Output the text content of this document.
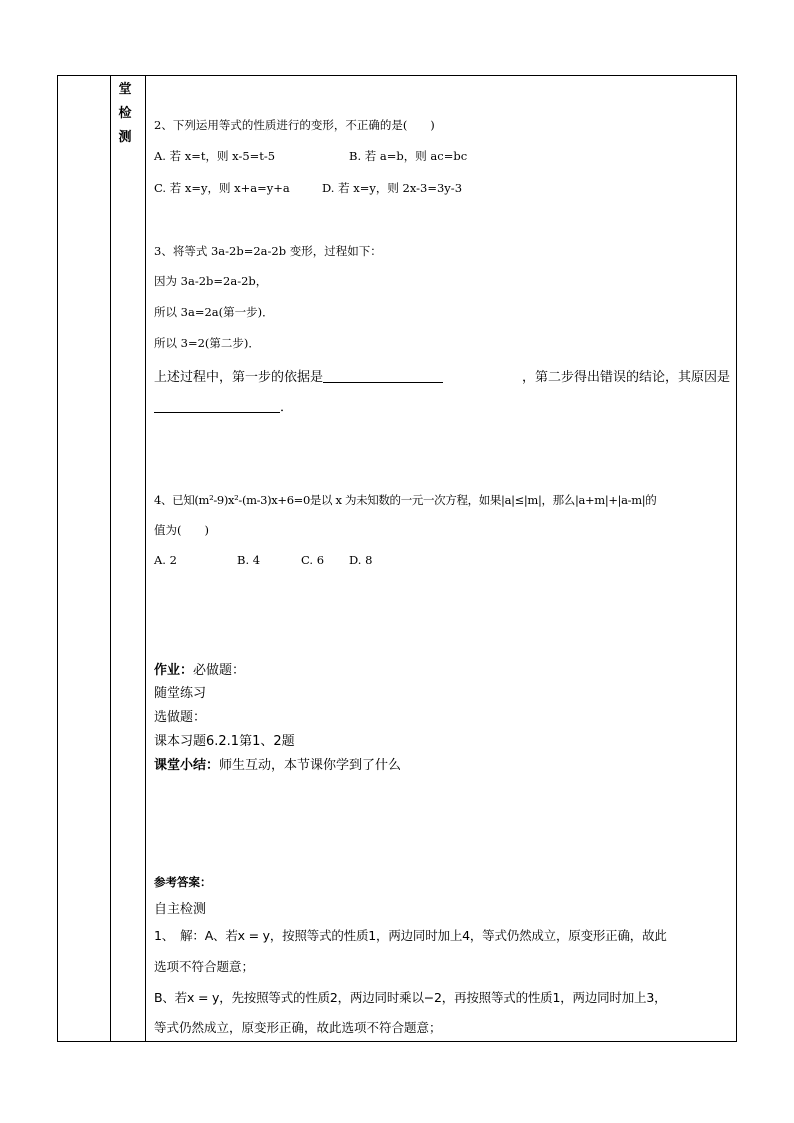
堂
检
测
2、下列运用等式的性质进行的变形，不正确的是(　　)
A. 若 x=t，则 x-5=t-5	B. 若 a=b，则 ac=bc
C. 若 x=y，则 x+a=y+a	D. 若 x=y，则 2x-3=3y-3
3、将等式 3a-2b=2a-2b 变形，过程如下：
因为 3a-2b=2a-2b，
所以 3a=2a(第一步)．
所以 3=2(第二步)．
上述过程中，第一步的依据是	，第二步得出错误的结论，其原因是
．
4、已知(m²-9)x²-(m-3)x+6=0是以 x 为未知数的一元一次方程，如果|a|≤|m|，那么|a+m|+|a-m|的
值为(　　)
A. 2	B. 4	C. 6 D. 8
作业：必做题：
随堂练习
选做题：
课本习题6.2.1第1、2题
课堂小结：师生互动，本节课你学到了什么
参考答案：
自主检测
1、　解：A、若x = y，按照等式的性质1，两边同时加上4，等式仍然成立，原变形正确，故此
选项不符合题意；
B、若x = y，先按照等式的性质2，两边同时乘以−2，再按照等式的性质1，两边同时加上3，
等式仍然成立，原变形正确，故此选项不符合题意；
